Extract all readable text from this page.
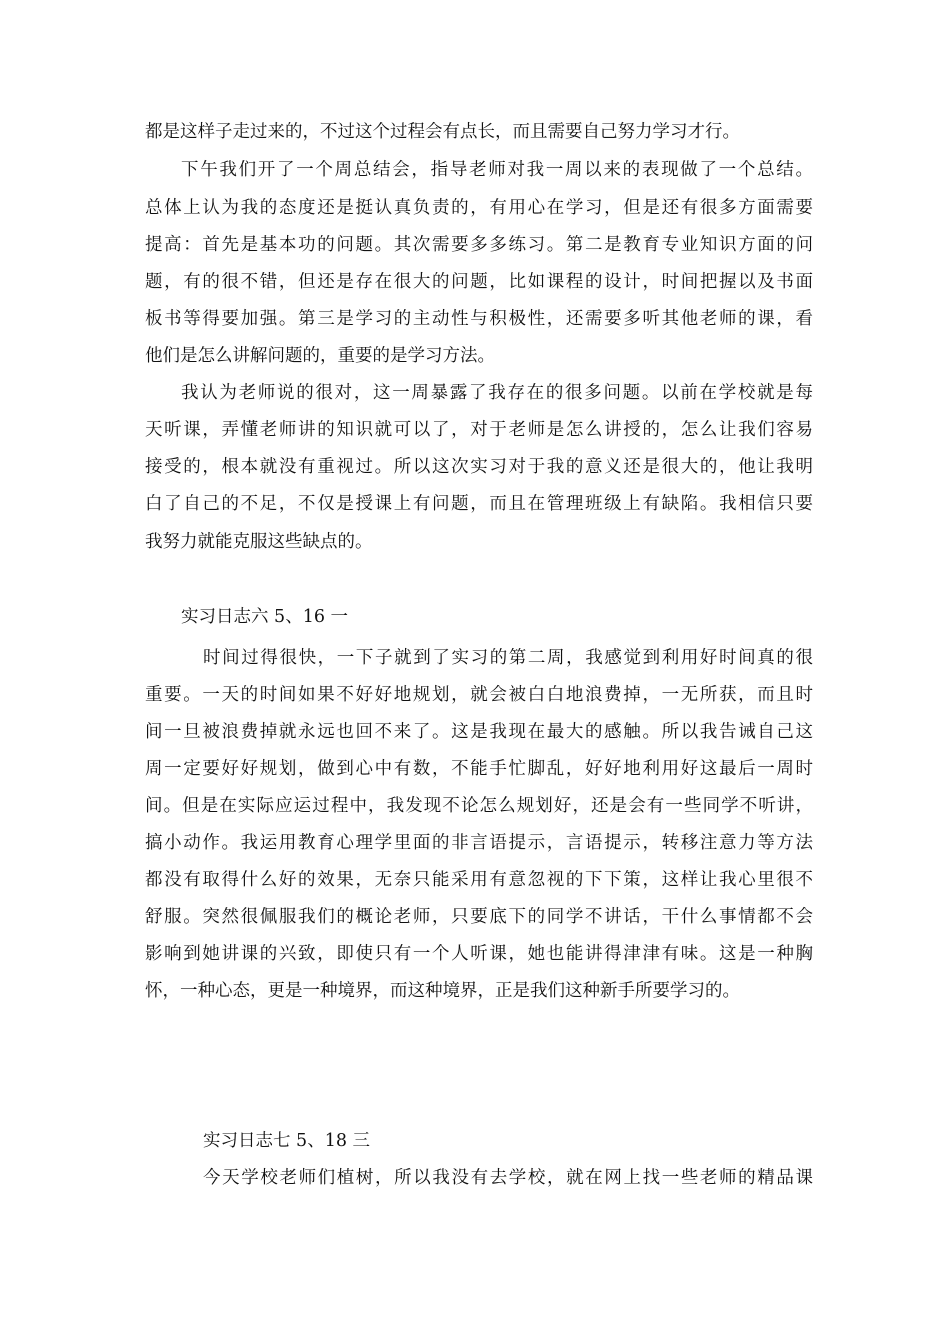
都是这样子走过来的，不过这个过程会有点长，而且需要自己努力学习才行。
下午我们开了一个周总结会，指导老师对我一周以来的表现做了一个总结。
总体上认为我的态度还是挺认真负责的，有用心在学习，但是还有很多方面需要
提高：首先是基本功的问题。其次需要多多练习。第二是教育专业知识方面的问
题，有的很不错，但还是存在很大的问题，比如课程的设计，时间把握以及书面
板书等得要加强。第三是学习的主动性与积极性，还需要多听其他老师的课，看
他们是怎么讲解问题的，重要的是学习方法。
我认为老师说的很对，这一周暴露了我存在的很多问题。以前在学校就是每
天听课，弄懂老师讲的知识就可以了，对于老师是怎么讲授的，怎么让我们容易
接受的，根本就没有重视过。所以这次实习对于我的意义还是很大的，他让我明
白了自己的不足，不仅是授课上有问题，而且在管理班级上有缺陷。我相信只要
我努力就能克服这些缺点的。
实习日志六 5、16 一
时间过得很快，一下子就到了实习的第二周，我感觉到利用好时间真的很
重要。一天的时间如果不好好地规划，就会被白白地浪费掉，一无所获，而且时
间一旦被浪费掉就永远也回不来了。这是我现在最大的感触。所以我告诫自己这
周一定要好好规划，做到心中有数，不能手忙脚乱，好好地利用好这最后一周时
间。但是在实际应运过程中，我发现不论怎么规划好，还是会有一些同学不听讲，
搞小动作。我运用教育心理学里面的非言语提示，言语提示，转移注意力等方法
都没有取得什么好的效果，无奈只能采用有意忽视的下下策，这样让我心里很不
舒服。突然很佩服我们的概论老师，只要底下的同学不讲话，干什么事情都不会
影响到她讲课的兴致，即使只有一个人听课，她也能讲得津津有味。这是一种胸
怀，一种心态，更是一种境界，而这种境界，正是我们这种新手所要学习的。
实习日志七 5、18 三
今天学校老师们植树，所以我没有去学校，就在网上找一些老师的精品课
